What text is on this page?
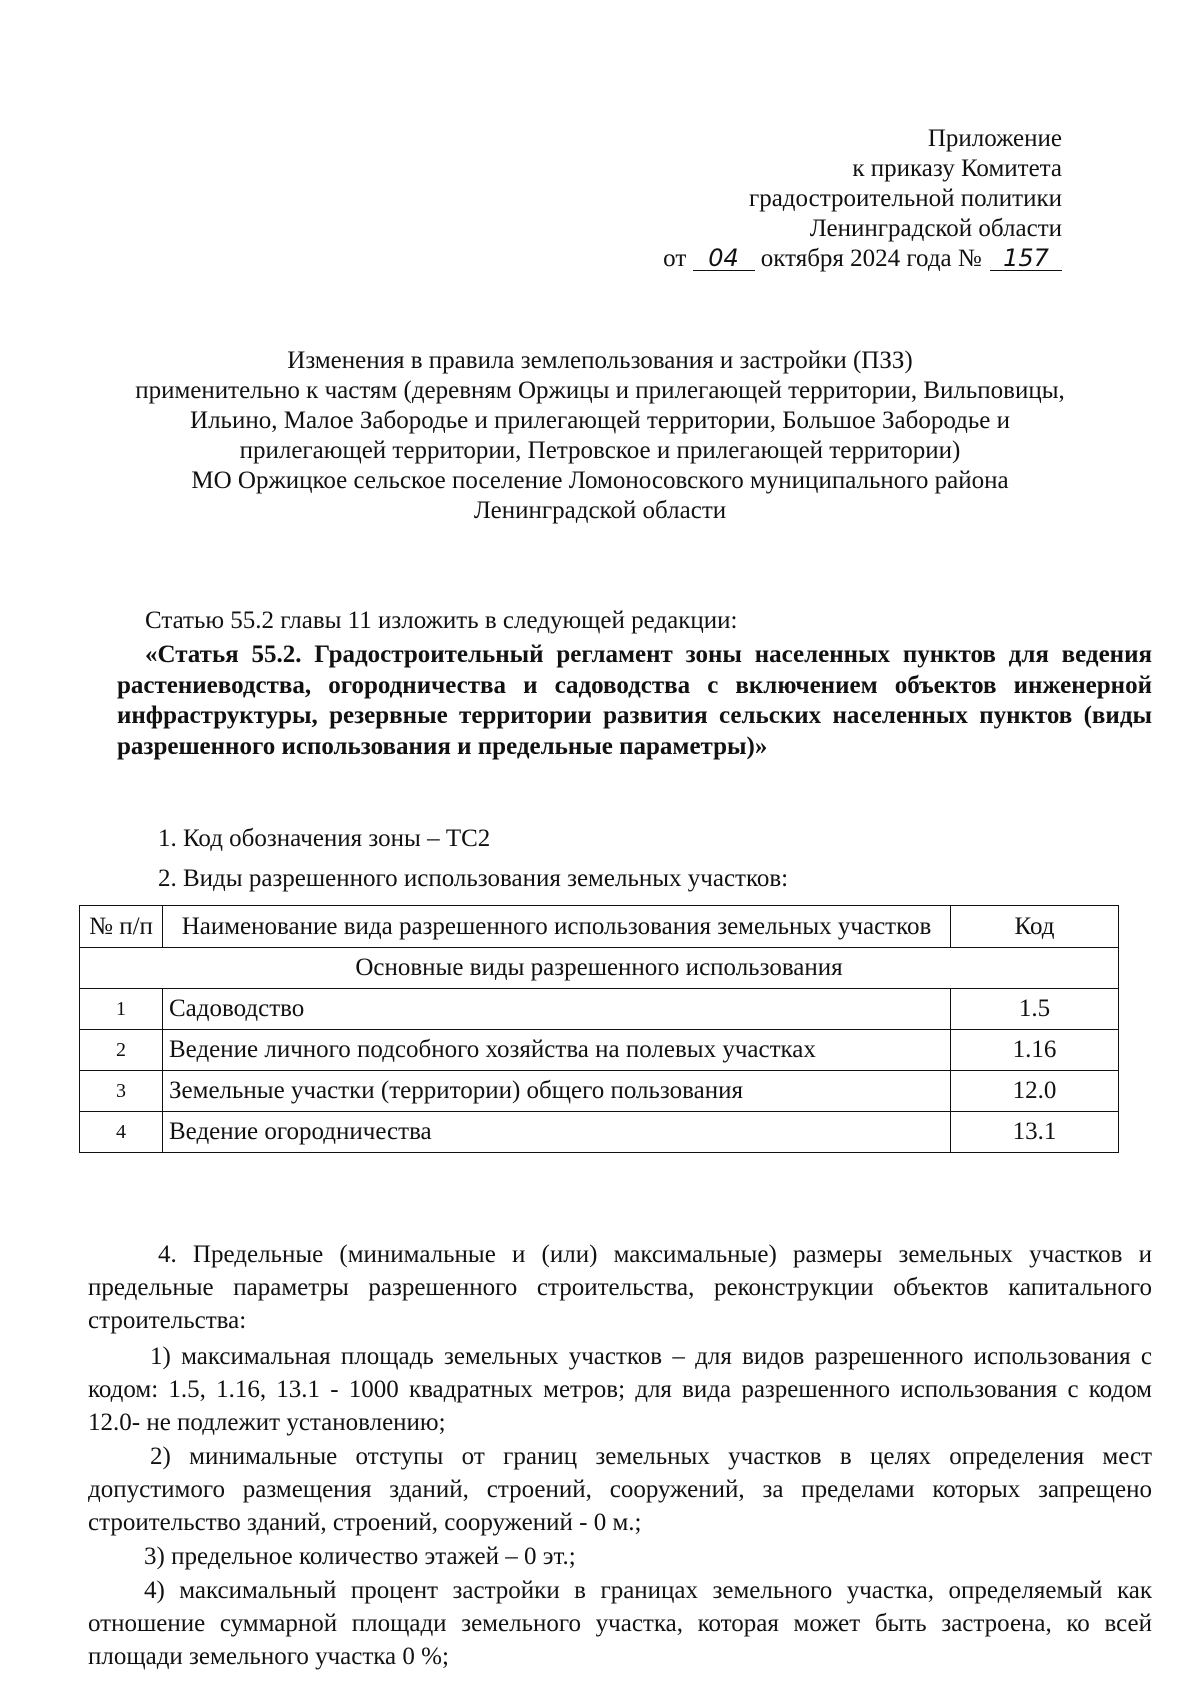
Приложение
к приказу Комитета
градостроительной политики
Ленинградской области
от 04 октября 2024 года № 157
Изменения в правила землепользования и застройки (ПЗЗ)
применительно к частям (деревням Оржицы и прилегающей территории, Вильповицы,
Ильино, Малое Забородье и прилегающей территории, Большое Забородье и
прилегающей территории, Петровское и прилегающей территории)
МО Оржицкое сельское поселение Ломоносовского муниципального района
Ленинградской области
Статью 55.2 главы 11 изложить в следующей редакции:
«Статья 55.2. Градостроительный регламент зоны населенных пунктов для ведения растениеводства, огородничества и садоводства с включением объектов инженерной инфраструктуры, резервные территории развития сельских населенных пунктов (виды разрешенного использования и предельные параметры)»
1. Код обозначения зоны – ТС2
2. Виды разрешенного использования земельных участков:
№ п/п	Наименование вида разрешенного использования земельных участков	Код
Основные виды разрешенного использования		
1	Садоводство	1.5
2	Ведение личного подсобного хозяйства на полевых участках	1.16
3	Земельные участки (территории) общего пользования	12.0
4	Ведение огородничества	13.1
4. Предельные (минимальные и (или) максимальные) размеры земельных участков и предельные параметры разрешенного строительства, реконструкции объектов капитального строительства:
1) максимальная площадь земельных участков – для видов разрешенного использования с кодом: 1.5, 1.16, 13.1 - 1000 квадратных метров; для вида разрешенного использования с кодом 12.0- не подлежит установлению;
2) минимальные отступы от границ земельных участков в целях определения мест допустимого размещения зданий, строений, сооружений, за пределами которых запрещено строительство зданий, строений, сооружений - 0 м.;
3) предельное количество этажей – 0 эт.;
4) максимальный процент застройки в границах земельного участка, определяемый как отношение суммарной площади земельного участка, которая может быть застроена, ко всей площади земельного участка 0 %;
